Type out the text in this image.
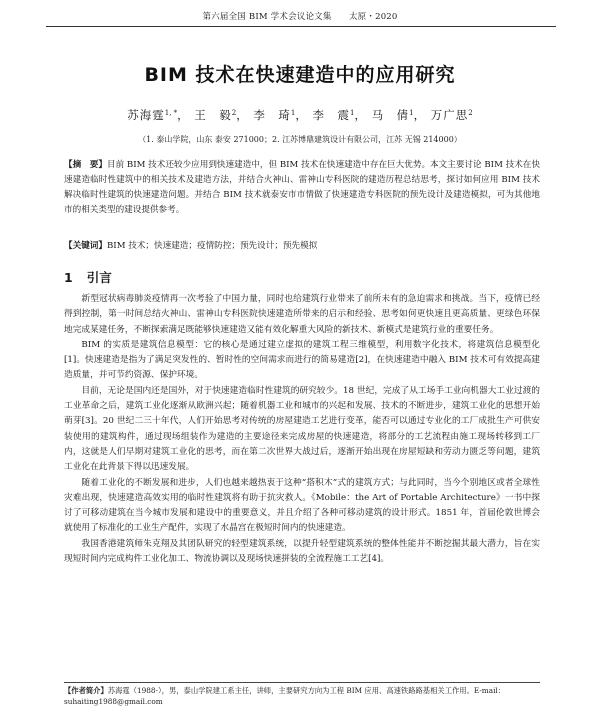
第六届全国 BIM 学术会议论文集　　太原・2020
BIM 技术在快速建造中的应用研究
苏海霆$^{1, *}$， 王　毅$^2$， 李　琦$^1$， 李　震$^1$， 马　倩$^1$， 万广思$^2$
（1. 泰山学院，山东 泰安 271000；2. 江苏博鼎建筑设计有限公司，江苏 无锡 214000）
【摘　要】目前 BIM 技术还较少应用到快速建造中，但 BIM 技术在快速建造中存在巨大优势。本文主要讨论 BIM 技术在快速建造临时性建筑中的相关技术及建造方法，并结合火神山、雷神山专科医院的建造历程总结思考，探讨如何应用 BIM 技术解决临时性建筑的快速建造问题。并结合 BIM 技术就泰安市市情做了快速建造专科医院的预先设计及建造模拟，可为其他地市的相关类型的建设提供参考。
【关键词】BIM 技术；快速建造；疫情防控；预先设计；预先模拟
1 引言

新型冠状病毒肺炎疫情再一次考验了中国力量，同时也给建筑行业带来了前所未有的急迫需求和挑战。当下，疫情已经得到控制，第一时间总结火神山、雷神山专科医院快速建造所带来的启示和经验、思考如何更快速且更高质量、更绿色环保地完成某建任务，不断探索满足既能够快速建造又能有效化解重大风险的新技术、新模式是建筑行业的重要任务。

BIM 的实质是建筑信息模型：它的核心是通过建立虚拟的建筑工程三维模型，利用数字化技术，将建筑信息模型化[1]。快速建造是指为了满足突发性的、暂时性的空间需求而进行的简易建造[2]，在快速建造中融入 BIM 技术可有效提高建造质量，并可节约资源、保护环境。

目前，无论是国内还是国外，对于快速建造临时性建筑的研究较少。18 世纪，完成了从工场手工业向机器大工业过渡的工业革命之后，建筑工业化逐渐从欧洲兴起；随着机器工业和城市的兴起和发展、技术的不断进步，建筑工业化的思想开始萌芽[3]。20 世纪二三十年代，人们开始思考对传统的房屋建造工艺进行变革，能否可以通过专业化的工厂成批生产可供安装使用的建筑构件，通过现场组装作为建造的主要途径来完成房屋的快速建造，将部分的工艺流程由施工现场转移到工厂内，这就是人们早期对建筑工业化的思考，而在第二次世界大战过后，逐渐开始出现在房屋短缺和劳动力匮乏等问题，建筑工业化在此背景下得以迅速发展。

随着工业化的不断发展和进步，人们也越来越热衷于这种“搭积木”式的建筑方式；与此同时，当今个别地区或者全球性灾难出现，快速建造高效实用的临时性建筑将有助于抗灾救人。《Mobile：the Art of Portable Architecture》一书中探讨了可移动建筑在当今城市发展和建设中的重要意义，并且介绍了各种可移动建筑的设计形式。1851 年，首届伦敦世博会就使用了标准化的工业生产配件，实现了水晶宫在极短时间内的快速建造。

我国香港建筑师朱克翔及其团队研究的轻型建筑系统，以提升轻型建筑系统的整体性能并不断挖掘其最大潜力，旨在实现短时间内完成构件工业化加工、物流协调以及现场快速拼装的全流程施工工艺[4]。

【作者简介】苏海霆（1988-），男，泰山学院建工系主任，讲师，主要研究方向为工程 BIM 应用、高速铁路路基相关工作用。E-mail：suhaiting1988@gmail.com
